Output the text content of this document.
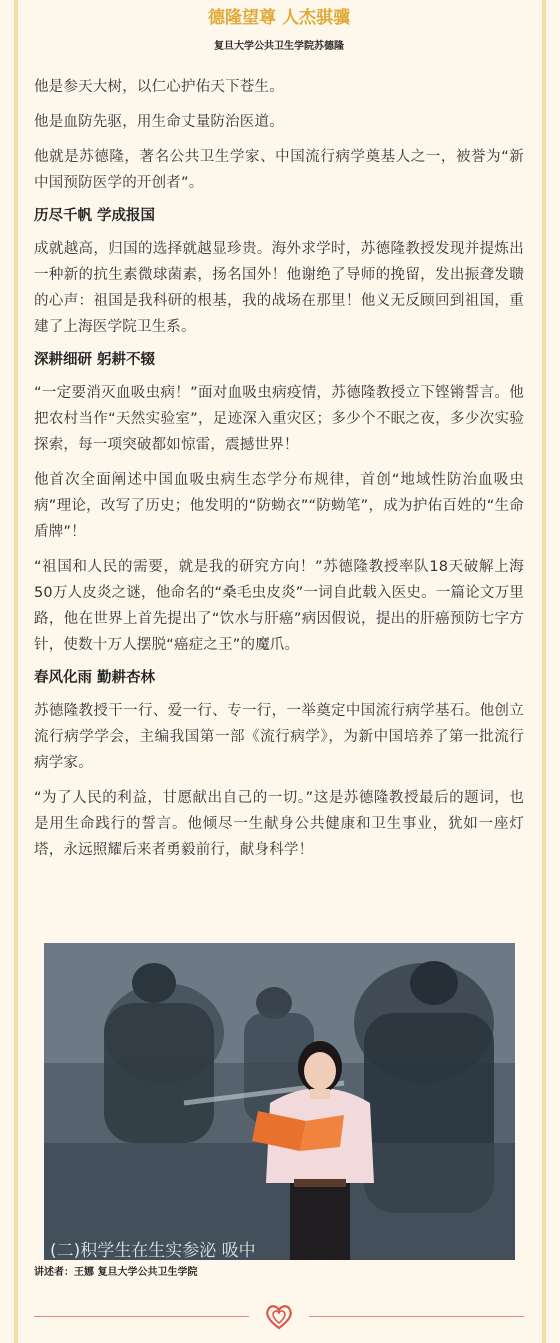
德隆望尊 人杰骐骥
复旦大学公共卫生学院苏德隆

他是参天大树，以仁心护佑天下苍生。

他是血防先驱，用生命丈量防治医道。

他就是苏德隆，著名公共卫生学家、中国流行病学奠基人之一，被誉为“新中国预防医学的开创者”。

历尽千帆 学成报国

成就越高，归国的选择就越显珍贵。海外求学时，苏德隆教授发现并提炼出一种新的抗生素微球菌素，扬名国外！他谢绝了导师的挽留，发出振聋发聩的心声：祖国是我科研的根基，我的战场在那里！他义无反顾回到祖国，重建了上海医学院卫生系。

深耕细研 躬耕不辍

“一定要消灭血吸虫病！”面对血吸虫病疫情，苏德隆教授立下铿锵誓言。他把农村当作“天然实验室”，足迹深入重灾区；多少个不眠之夜，多少次实验探索，每一项突破都如惊雷，震撼世界！

他首次全面阐述中国血吸虫病生态学分布规律，首创“地域性防治血吸虫病”理论，改写了历史；他发明的“防蚴衣”“防蚴笔”，成为护佑百姓的“生命盾牌”！

“祖国和人民的需要，就是我的研究方向！”苏德隆教授率队18天破解上海50万人皮炎之谜，他命名的“桑毛虫皮炎”一词自此载入医史。一篇论文万里路，他在世界上首先提出了“饮水与肝癌”病因假说，提出的肝癌预防七字方针，使数十万人摆脱“癌症之王”的魔爪。

春风化雨 勤耕杏林

苏德隆教授干一行、爱一行、专一行，一举奠定中国流行病学基石。他创立流行病学学会，主编我国第一部《流行病学》，为新中国培养了第一批流行病学家。

“为了人民的利益，甘愿献出自己的一切。”这是苏德隆教授最后的题词，也是用生命践行的誓言。他倾尽一生献身公共健康和卫生事业，犹如一座灯塔，永远照耀后来者勇毅前行，献身科学！

(二)积学生在生实参泌 吸中
讲述者：王娜 复旦大学公共卫生学院
